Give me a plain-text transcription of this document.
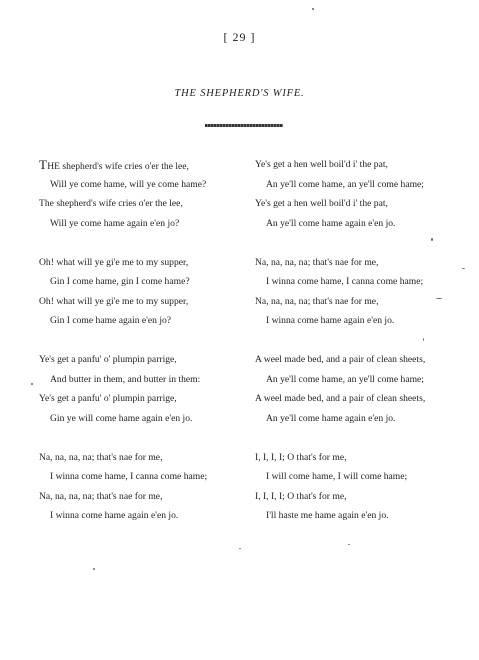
[ 29 ]
THE SHEPHERD'S WIFE.
THE shepherd's wife cries o'er the lee,
Will ye come hame, will ye come hame?
The shepherd's wife cries o'er the lee,
Will ye come hame again e'en jo?
Oh! what will ye gi'e me to my supper,
Gin I come hame, gin I come hame?
Oh! what will ye gi'e me to my supper,
Gin I come hame again e'en jo?
Ye's get a panfu' o' plumpin parrige,
And butter in them, and butter in them:
Ye's get a panfu' o' plumpin parrige,
Gin ye will come hame again e'en jo.
Na, na, na, na; that's nae for me,
I winna come hame, I canna come hame;
Na, na, na, na; that's nae for me,
I winna come hame again e'en jo.
Ye's get a hen well boil'd i' the pat,
An ye'll come hame, an ye'll come hame;
Ye's get a hen well boil'd i' the pat,
An ye'll come hame again e'en jo.
Na, na, na, na; that's nae for me,
I winna come hame, I canna come hame;
Na, na, na, na; that's nae for me,
I winna come hame again e'en jo.
A weel made bed, and a pair of clean sheets,
An ye'll come hame, an ye'll come hame;
A weel made bed, and a pair of clean sheets,
An ye'll come hame again e'en jo.
I, I, I, I; O that's for me,
I will come hame, I will come hame;
I, I, I, I; O that's for me,
I'll haste me hame again e'en jo.
